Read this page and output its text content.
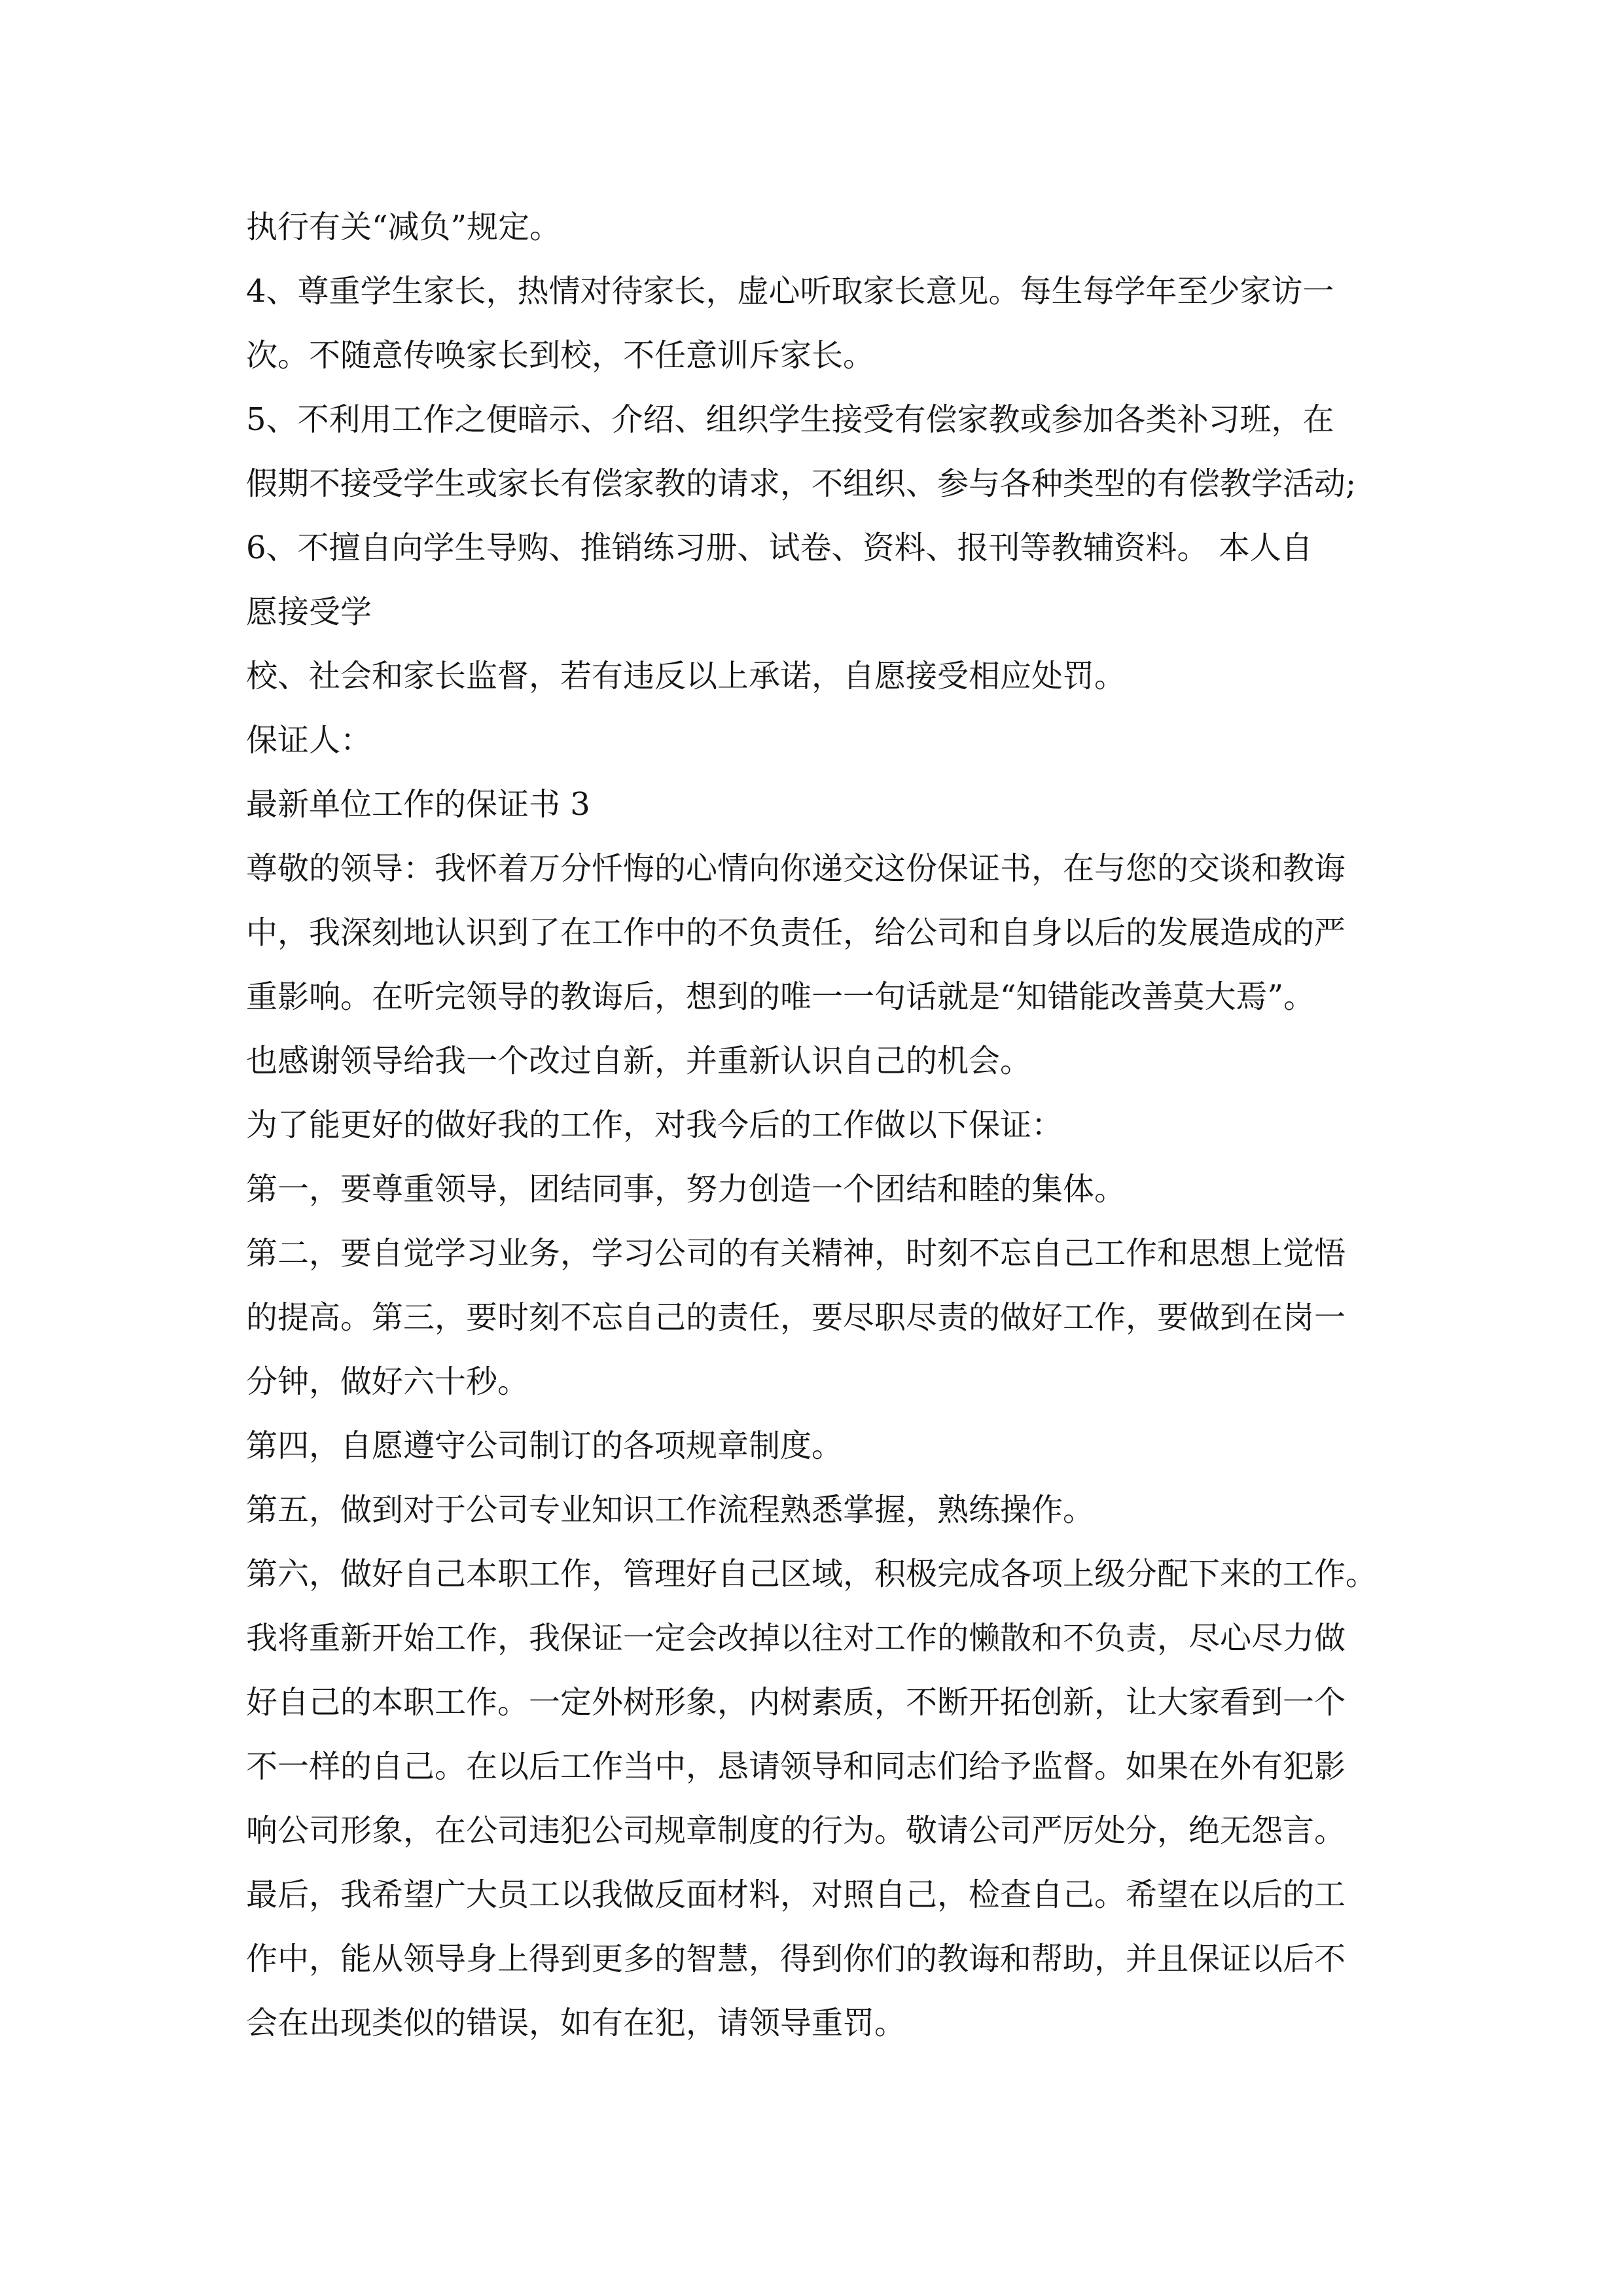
执行有关“减负”规定。
4、尊重学生家长，热情对待家长，虚心听取家长意见。每生每学年至少家访一
次。不随意传唤家长到校，不任意训斥家长。
5、不利用工作之便暗示、介绍、组织学生接受有偿家教或参加各类补习班，在
假期不接受学生或家长有偿家教的请求，不组织、参与各种类型的有偿教学活动;
6、不擅自向学生导购、推销练习册、试卷、资料、报刊等教辅资料。 本人自
愿接受学
校、社会和家长监督，若有违反以上承诺，自愿接受相应处罚。
保证人：
最新单位工作的保证书 3
尊敬的领导：我怀着万分忏悔的心情向你递交这份保证书，在与您的交谈和教诲
中，我深刻地认识到了在工作中的不负责任，给公司和自身以后的发展造成的严
重影响。在听完领导的教诲后，想到的唯一一句话就是“知错能改善莫大焉”。
也感谢领导给我一个改过自新，并重新认识自己的机会。
为了能更好的做好我的工作，对我今后的工作做以下保证：
第一，要尊重领导，团结同事，努力创造一个团结和睦的集体。
第二，要自觉学习业务，学习公司的有关精神，时刻不忘自己工作和思想上觉悟
的提高。第三，要时刻不忘自己的责任，要尽职尽责的做好工作，要做到在岗一
分钟，做好六十秒。
第四，自愿遵守公司制订的各项规章制度。
第五，做到对于公司专业知识工作流程熟悉掌握，熟练操作。
第六，做好自己本职工作，管理好自己区域，积极完成各项上级分配下来的工作。
我将重新开始工作，我保证一定会改掉以往对工作的懒散和不负责，尽心尽力做
好自己的本职工作。一定外树形象，内树素质，不断开拓创新，让大家看到一个
不一样的自己。在以后工作当中，恳请领导和同志们给予监督。如果在外有犯影
响公司形象，在公司违犯公司规章制度的行为。敬请公司严厉处分，绝无怨言。
最后，我希望广大员工以我做反面材料，对照自己，检查自己。希望在以后的工
作中，能从领导身上得到更多的智慧，得到你们的教诲和帮助，并且保证以后不
会在出现类似的错误，如有在犯，请领导重罚。
